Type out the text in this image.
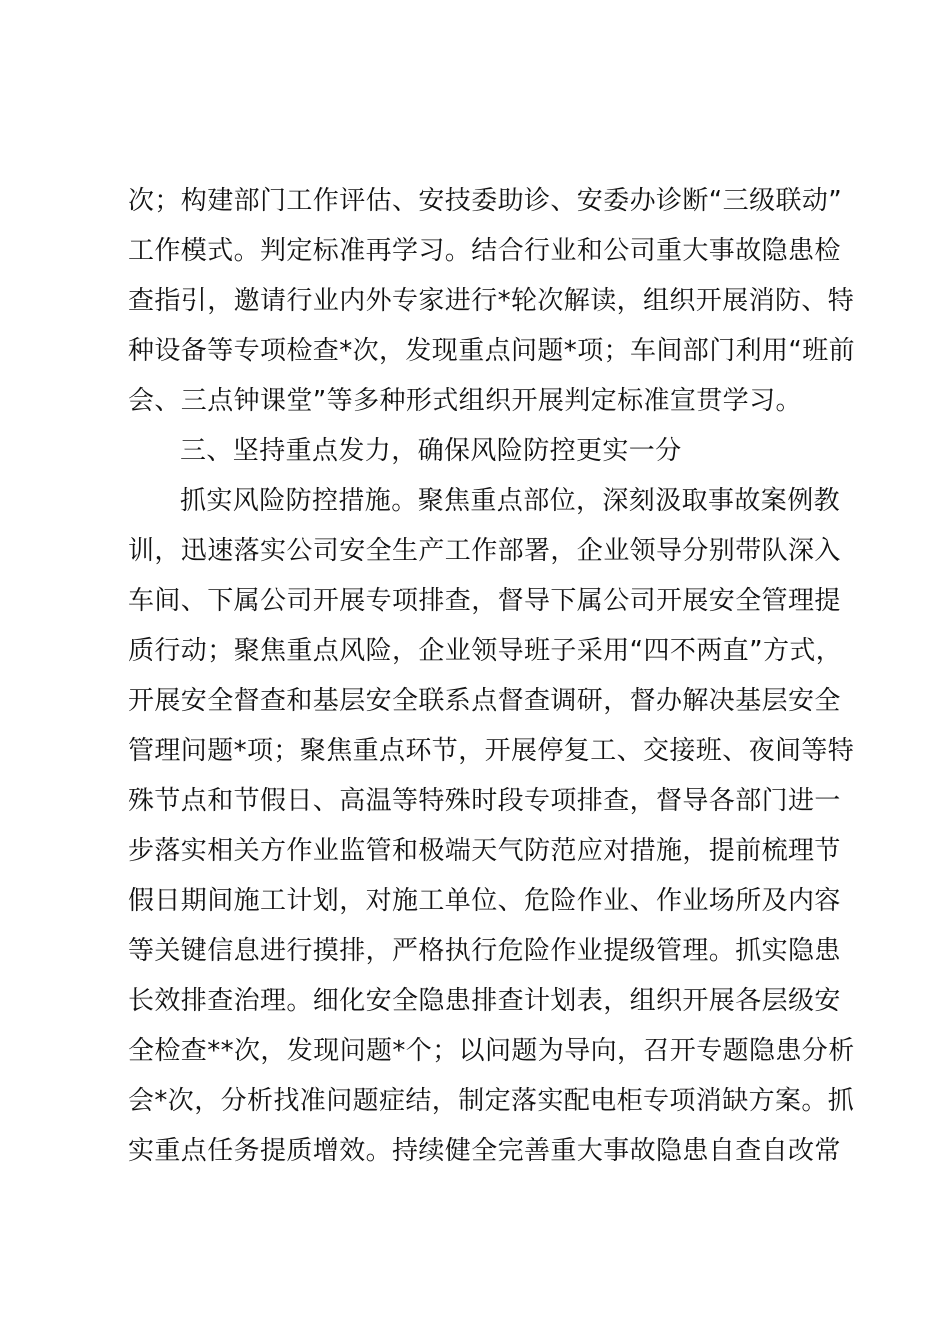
次；构建部门工作评估、安技委助诊、安委办诊断“三级联动”
工作模式。判定标准再学习。结合行业和公司重大事故隐患检
查指引，邀请行业内外专家进行*轮次解读，组织开展消防、特
种设备等专项检查*次，发现重点问题*项；车间部门利用“班前
会、三点钟课堂”等多种形式组织开展判定标准宣贯学习。
三、坚持重点发力，确保风险防控更实一分
抓实风险防控措施。聚焦重点部位，深刻汲取事故案例教
训，迅速落实公司安全生产工作部署，企业领导分别带队深入
车间、下属公司开展专项排查，督导下属公司开展安全管理提
质行动；聚焦重点风险，企业领导班子采用“四不两直”方式，
开展安全督查和基层安全联系点督查调研，督办解决基层安全
管理问题*项；聚焦重点环节，开展停复工、交接班、夜间等特
殊节点和节假日、高温等特殊时段专项排查，督导各部门进一
步落实相关方作业监管和极端天气防范应对措施，提前梳理节
假日期间施工计划，对施工单位、危险作业、作业场所及内容
等关键信息进行摸排，严格执行危险作业提级管理。抓实隐患
长效排查治理。细化安全隐患排查计划表，组织开展各层级安
全检查**次，发现问题*个；以问题为导向，召开专题隐患分析
会*次，分析找准问题症结，制定落实配电柜专项消缺方案。抓
实重点任务提质增效。持续健全完善重大事故隐患自查自改常
